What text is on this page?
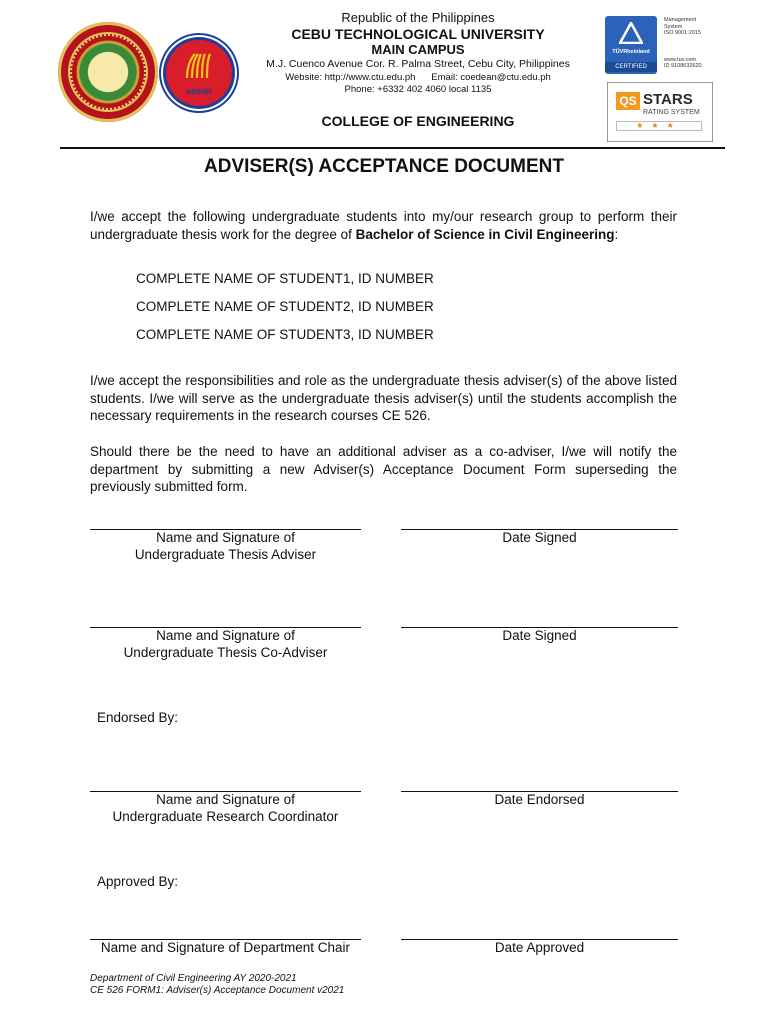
asean
Republic of the Philippines
CEBU TECHNOLOGICAL UNIVERSITY
MAIN CAMPUS
M.J. Cuenco Avenue Cor. R. Palma Street, Cebu City, Philippines
Website: http://www.ctu.edu.ph      Email: coedean@ctu.edu.ph
Phone: +6332 402 4060 local 1135
COLLEGE OF ENGINEERING
TÜVRheinland
CERTIFIED
Management
System
ISO 9001:2015
www.tuv.com
ID 9108632620
QS STARS
RATING SYSTEM
★★★
ADVISER(S) ACCEPTANCE DOCUMENT
I/we accept the following undergraduate students into my/our research group to perform their undergraduate thesis work for the degree of Bachelor of Science in Civil Engineering:
COMPLETE NAME OF STUDENT1, ID NUMBER
COMPLETE NAME OF STUDENT2, ID NUMBER
COMPLETE NAME OF STUDENT3, ID NUMBER
I/we accept the responsibilities and role as the undergraduate thesis adviser(s) of the above listed students. I/we will serve as the undergraduate thesis adviser(s) until the students accomplish the necessary requirements in the research courses CE 526.
Should there be the need to have an additional adviser as a co-adviser, I/we will notify the department by submitting a new Adviser(s) Acceptance Document Form superseding the previously submitted form.
Name and Signature of
Undergraduate Thesis Adviser
Date Signed
Name and Signature of
Undergraduate Thesis Co-Adviser
Date Signed
Endorsed By:
Name and Signature of
Undergraduate Research Coordinator
Date Endorsed
Approved By:
Name and Signature of Department Chair	Date Approved
Department of Civil Engineering AY 2020-2021
CE 526 FORM1: Adviser(s) Acceptance Document v2021
